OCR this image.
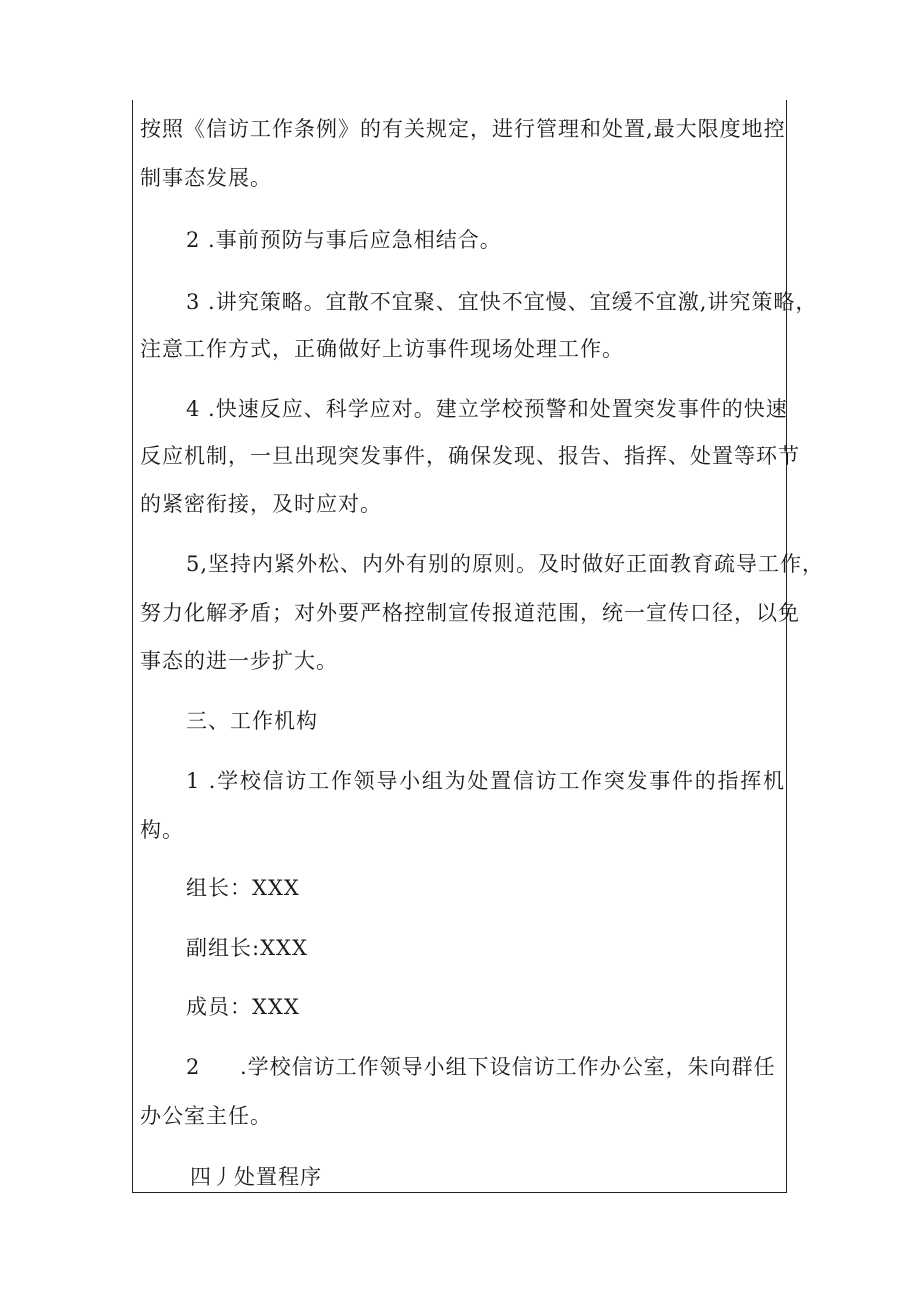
按照《信访工作条例》的有关规定，进行管理和处置,最大限度地控
制事态发展。
2 .事前预防与事后应急相结合。
3 .讲究策略。宜散不宜聚、宜快不宜慢、宜缓不宜激,讲究策略，
注意工作方式，正确做好上访事件现场处理工作。
4 .快速反应、科学应对。建立学校预警和处置突发事件的快速
反应机制，一旦出现突发事件，确保发现、报告、指挥、处置等环节
的紧密衔接，及时应对。
5,坚持内紧外松、内外有别的原则。及时做好正面教育疏导工作，
努力化解矛盾；对外要严格控制宣传报道范围，统一宣传口径，以免
事态的进一步扩大。
三、工作机构
1 .学校信访工作领导小组为处置信访工作突发事件的指挥机
构。
组长：XXX
副组长:XXX
成员：XXX
2 .学校信访工作领导小组下设信访工作办公室，朱向群任
办公室主任。
四丿处置程序
